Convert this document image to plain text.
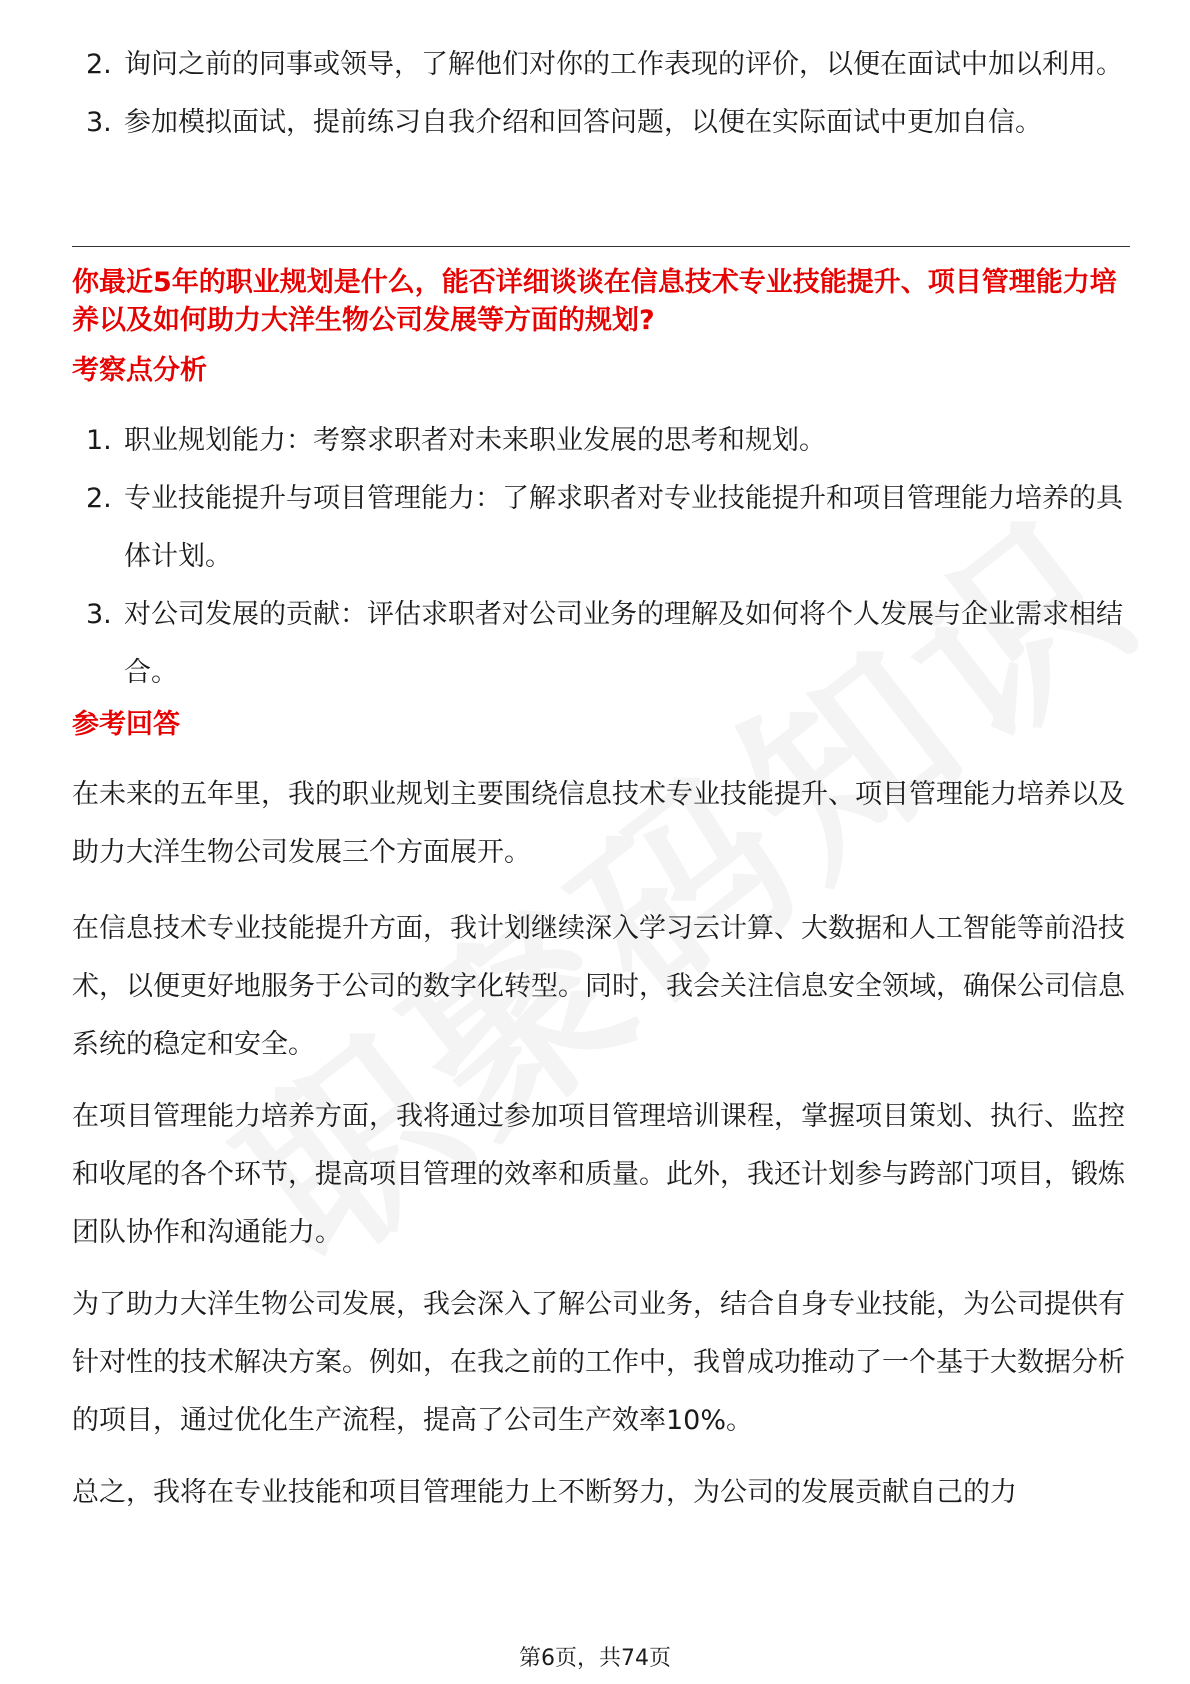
2. 询问之前的同事或领导，了解他们对你的工作表现的评价，以便在面试中加以利用。
3. 参加模拟面试，提前练习自我介绍和回答问题，以便在实际面试中更加自信。
你最近5年的职业规划是什么，能否详细谈谈在信息技术专业技能提升、项目管理能力培养以及如何助力大洋生物公司发展等方面的规划?
考察点分析
1. 职业规划能力：考察求职者对未来职业发展的思考和规划。
2. 专业技能提升与项目管理能力：了解求职者对专业技能提升和项目管理能力培养的具体计划。
3. 对公司发展的贡献：评估求职者对公司业务的理解及如何将个人发展与企业需求相结合。
参考回答

在未来的五年里，我的职业规划主要围绕信息技术专业技能提升、项目管理能力培养以及助力大洋生物公司发展三个方面展开。

在信息技术专业技能提升方面，我计划继续深入学习云计算、大数据和人工智能等前沿技术，以便更好地服务于公司的数字化转型。同时，我会关注信息安全领域，确保公司信息系统的稳定和安全。

在项目管理能力培养方面，我将通过参加项目管理培训课程，掌握项目策划、执行、监控和收尾的各个环节，提高项目管理的效率和质量。此外，我还计划参与跨部门项目，锻炼团队协作和沟通能力。

为了助力大洋生物公司发展，我会深入了解公司业务，结合自身专业技能，为公司提供有针对性的技术解决方案。例如，在我之前的工作中，我曾成功推动了一个基于大数据分析的项目，通过优化生产流程，提高了公司生产效率10%。

总之，我将在专业技能和项目管理能力上不断努力，为公司的发展贡献自己的力

第6页，共74页
